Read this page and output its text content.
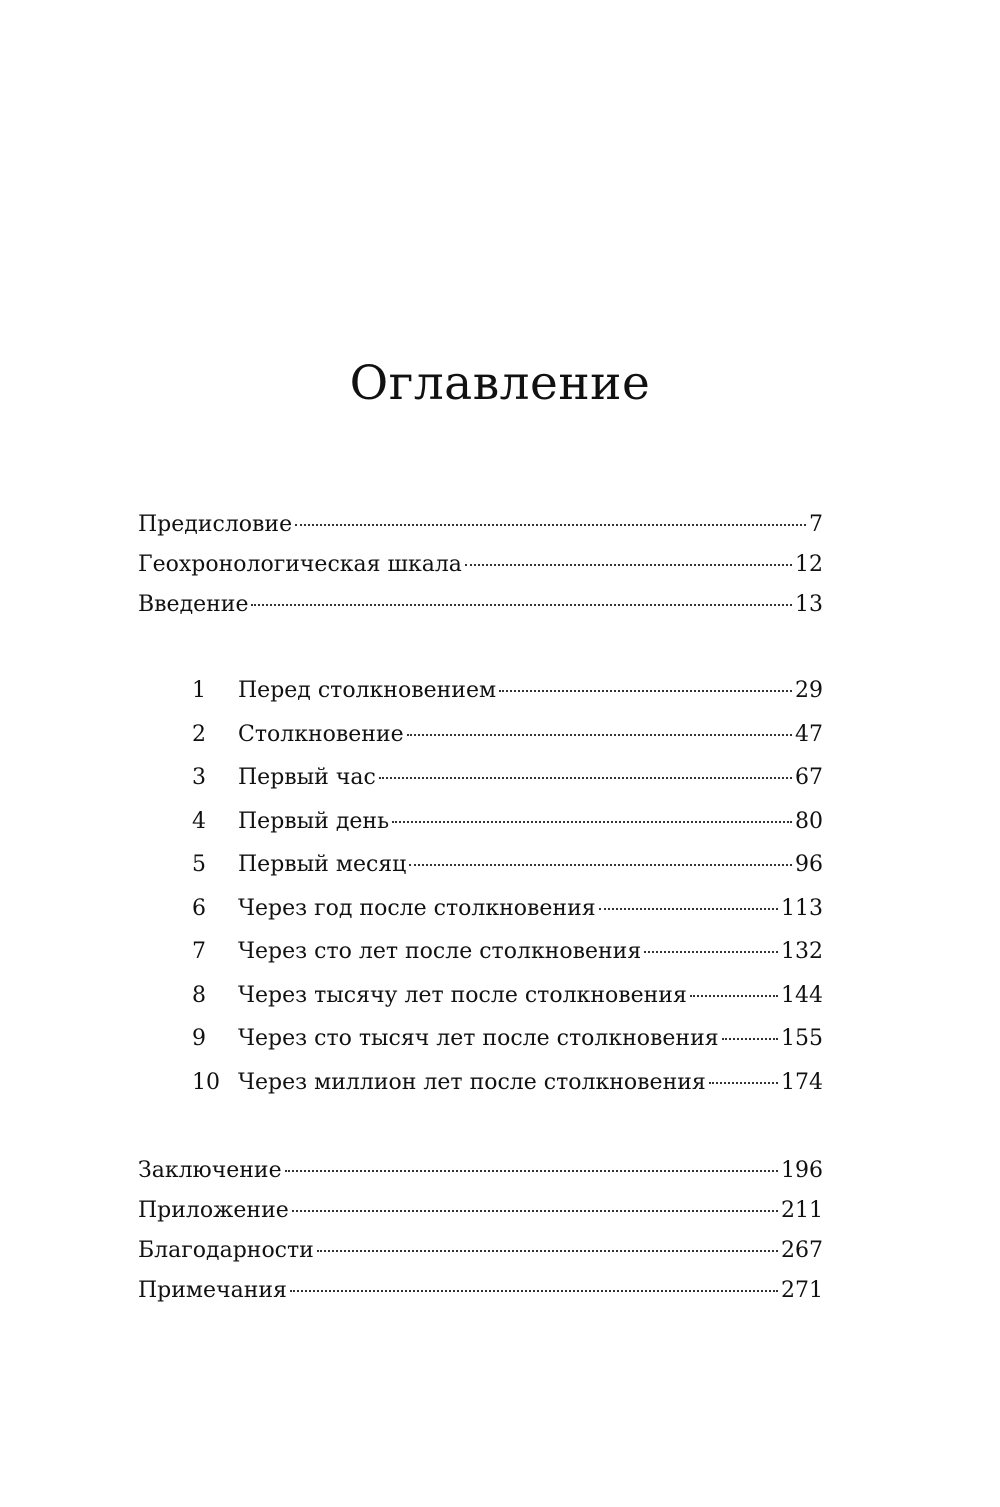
Оглавление
Предисловие	7
Геохронологическая шкала	12
Введение	13
1	Перед столкновением	29
2	Столкновение	47
3	Первый час	67
4	Первый день	80
5	Первый месяц	96
6	Через год после столкновения	113
7	Через сто лет после столкновения	132
8	Через тысячу лет после столкновения	144
9	Через сто тысяч лет после столкновения	155
10 Через миллион лет после столкновения	174
Заключение	196
Приложение	211
Благодарности	267
Примечания	271
